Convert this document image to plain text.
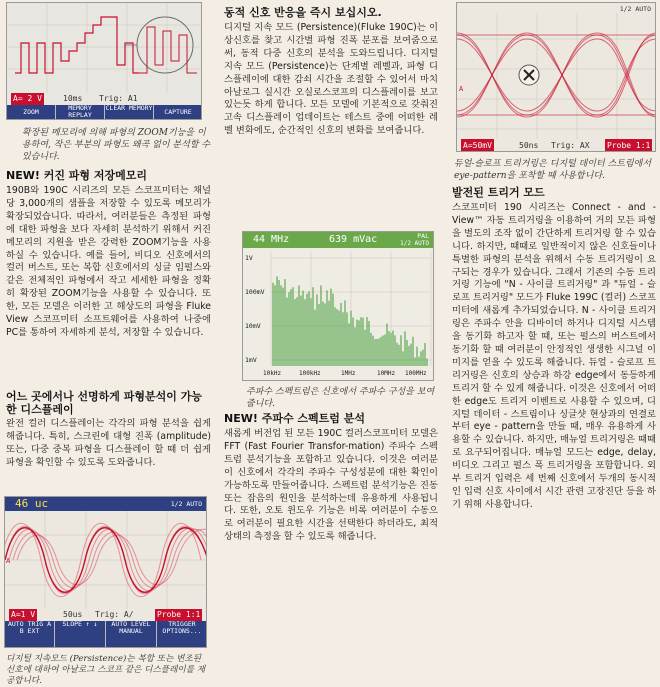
A= 2 V	10ms Trig: A1
ZOOM	MEMORY REPLAY
CLEAR MEMORY	CAPTURE
확장된 메모리에 의해 파형의 ZOOM기능을 이용하여, 작은 부분의 파형도 왜곡 없이 분석할 수 있습니다.
NEW! 커진 파형 저장메모리
190B와 190C 시리즈의 모든 스코프미터는 채널 당 3,000개의 샘플을 저장할 수 있도록 메모리가 확장되었습니다. 따라서, 여러분들은 측정된 파형에 대한 파형을 보다 자세히 분석하기 위해서 커진 메모리의 지원을 받은 강력한 ZOOM기능을 사용하실 수 있습니다. 예를 들어, 비디오 신호에서의 컬러 버스트, 또는 복합 신호에서의 싱글 임펄스와 같은 전체적인 파형에서 작고 세세한 파형을 정확히 확장된 ZOOM기능을 사용할 수 있습니다. 또한, 모든 모델은 이러한 고 해상도의 파형을 Fluke View 스코프미터 소프트웨어를 사용하여 나중에 PC를 통하여 자세하게 분석, 저장할 수 있습니다.
어느 곳에서나 선명하게 파형분석이 가능한 디스플레이
완전 컬러 디스플레이는 각각의 파형 분석을 쉽게 해줍니다. 특히, 스크린에 대형 진폭 (amplitude) 또는, 다중 중복 파형을 디스플레이 할 때 더 쉽게 파형을 확인할 수 있도록 도와줍니다.
46 uc	1/2 AUTO
A
A=1 V	50us Trig: A/	Probe 1:1
AUTO TRIG A B EXT
SLOPE ↑ ↓	AUTO LEVEL MANUAL
TRIGGER OPTIONS...
디지털 지속모드 (Persistence)는 복합 또는 변조된 신호에 대하여 아날로그 스코프 같은 디스플레이를 제공합니다.
동적 신호 반응을 즉시 보십시오.
디지털 지속 모드 (Persistence)(Fluke 190C)는 이상신호를 찾고 시간별 파형 진폭 분포를 보여줌으로써, 동적 다중 신호의 분석을 도와드립니다. 디지털 지속 모드 (Persistence)는 단계별 레벨과, 파형 디스플레이에 대한 감쇠 시간을 조절할 수 있어서 마치 아날로그 실시간 오실로스코프의 디스플레이를 보고 있는듯 하게 합니다. 모든 모델에 기본적으로 갖춰진 고속 디스플레이 업데이트는 테스트 중에 어떠한 레벨 변화에도, 순간적인 신호의 변화를 보여줍니다.
44 MHz	639 mVac	PAL
1/2 AUTO
1V
100mV
10mV
1mV
10kHz	100kHz	1MHz	10MHz 100MHz
주파수 스펙트럼은 신호에서 주파수 구성을 보여줍니다.
NEW! 주파수 스펙트럼 분석
새롭게 버전업 된 모든 190C 컬러스코프미터 모델은 FFT (Fast Fourier Transfor-mation) 주파수 스펙트럼 분석기능을 포함하고 있습니다. 이것은 여러분이 신호에서 각각의 주파수 구성성분에 대한 확인이 가능하도록 만들어줍니다. 스펙트럼 분석기능은 진동 또는 잡음의 원인을 분석하는데 유용하게 사용됩니다. 또한, 오토 윈도우 기능은 비록 여러분이 수동으로 여러분이 필요한 시간을 선택한다 하더라도, 최적 상태의 측정을 할 수 있도록 해줍니다.
1/2 AUTO
A
A=50mV	50ns Trig: AX Probe 1:1
듀얼-슬로프 트리거링은 디지털 데이터 스트림에서 eye-pattern을 포착할 때 사용합니다.
발전된 트리거 모드
스코프미터 190 시리즈는 Connect - and - View™ 자동 트리거링을 이용하여 거의 모든 파형을 별도의 조작 없이 간단하게 트리거링 할 수 있습니다. 하지만, 때때로 일반적이지 않은 신호들이나 특별한 파형의 분석을 위해서 수동 트리거링이 요구되는 경우가 있습니다. 그래서 기존의 수동 트리거링 기능에 "N - 사이클 트리거링" 과 "듀얼 - 슬로프 트리거링" 모드가 Fluke 199C (컬러) 스코프미터에 새롭게 추가되었습니다. N - 사이클 트리거링은 주파수 안을 디바이더 하거나 디지털 시스템을 동기화 하고자 할 때, 또는 펄스의 버스트에서 동기화 할 때 여러분이 안정적인 생생한 시그널 이미지를 얻을 수 있도록 해줍니다. 듀얼 - 슬로프 트리거링은 신호의 상승과 하강 edge에서 동등하게 트리거 할 수 있게 해줍니다. 이것은 신호에서 어떠한 edge도 트리거 이벤트로 사용할 수 있으며, 디지털 데이터 - 스트림이나 싱글샷 현상과의 연결로부터 eye - pattern을 만들 때, 매우 유용하게 사용할 수 있습니다. 하지만, 매뉴얼 트리거링은 때때로 요구되어집니다. 매뉴얼 모드는 edge, delay, 비디오 그리고 펄스 폭 트리거링을 포함합니다. 외부 트리거 입력은 세 번째 신호에서 두개의 동시적인 입력 신호 사이에서 시간 관련 고장진단 등을 하기 위해 사용합니다.
